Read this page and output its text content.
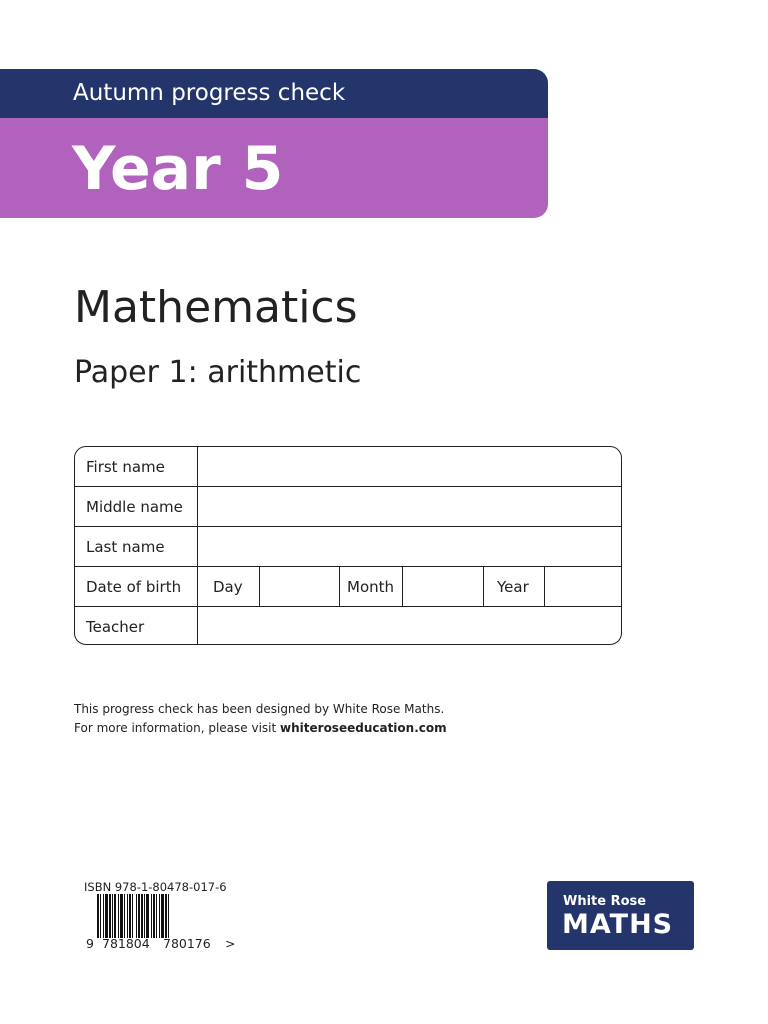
Autumn progress check
Year 5
Mathematics
Paper 1: arithmetic
First name
Middle name
Last name
Date of birth	Day	Month	Year
Teacher
This progress check has been designed by White Rose Maths.
For more information, please visit whiteroseeducation.com
ISBN 978-1-80478-017-6
9 781804 780176 >
White Rose
MATHS
